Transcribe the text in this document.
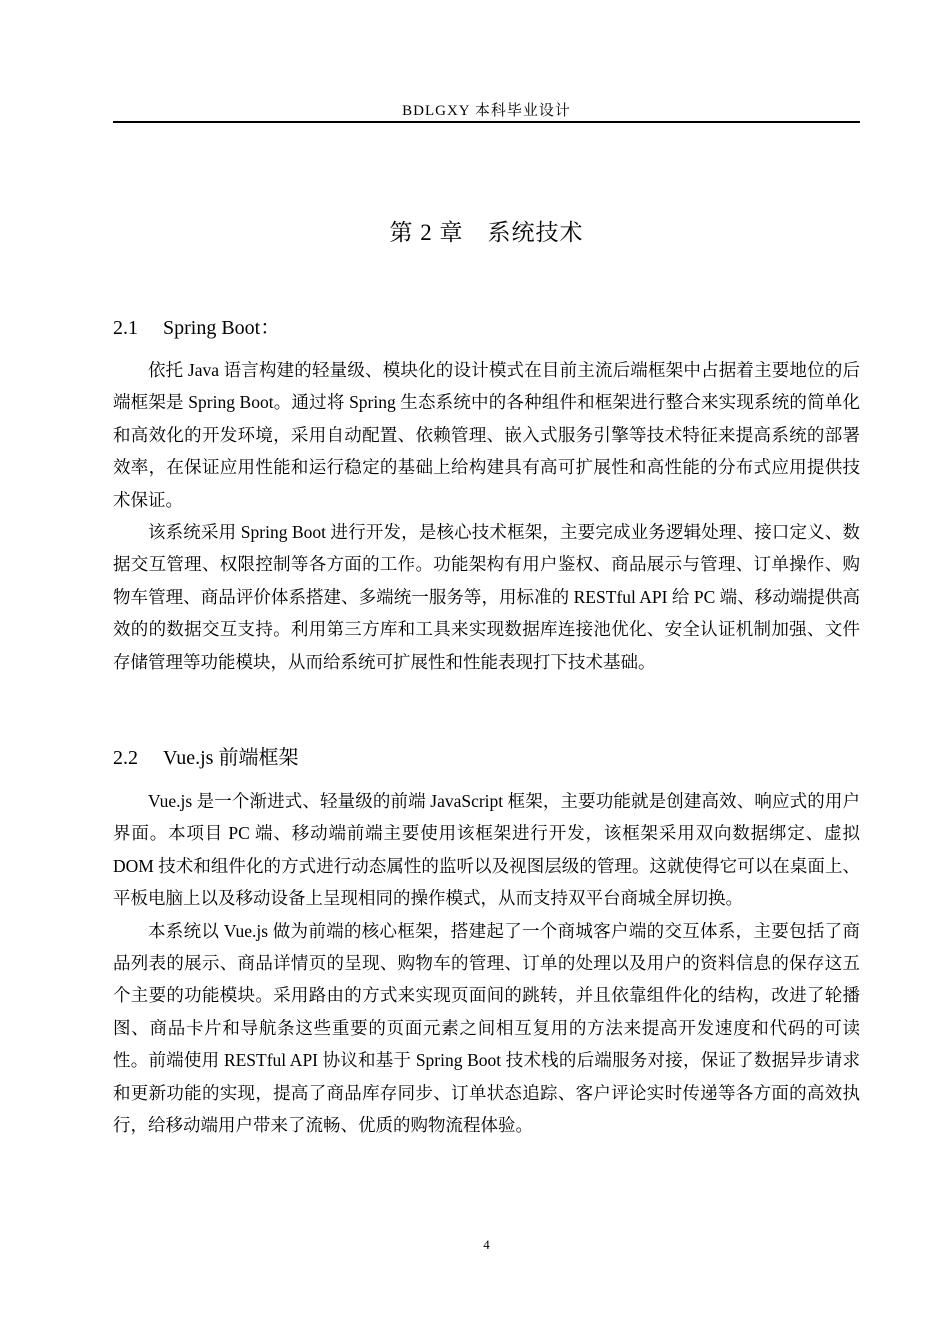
BDLGXY 本科毕业设计
第 2 章　系统技术
2.1 Spring Boot：

依托 Java 语言构建的轻量级、模块化的设计模式在目前主流后端框架中占据着主要地位的后端框架是 Spring Boot。通过将 Spring 生态系统中的各种组件和框架进行整合来实现系统的简单化和高效化的开发环境，采用自动配置、依赖管理、嵌入式服务引擎等技术特征来提高系统的部署效率，在保证应用性能和运行稳定的基础上给构建具有高可扩展性和高性能的分布式应用提供技术保证。

该系统采用 Spring Boot 进行开发，是核心技术框架，主要完成业务逻辑处理、接口定义、数据交互管理、权限控制等各方面的工作。功能架构有用户鉴权、商品展示与管理、订单操作、购物车管理、商品评价体系搭建、多端统一服务等，用标准的 RESTful API 给 PC 端、移动端提供高效的的数据交互支持。利用第三方库和工具来实现数据库连接池优化、安全认证机制加强、文件存储管理等功能模块，从而给系统可扩展性和性能表现打下技术基础。

2.2 Vue.js 前端框架

Vue.js 是一个渐进式、轻量级的前端 JavaScript 框架，主要功能就是创建高效、响应式的用户界面。本项目 PC 端、移动端前端主要使用该框架进行开发，该框架采用双向数据绑定、虚拟 DOM 技术和组件化的方式进行动态属性的监听以及视图层级的管理。这就使得它可以在桌面上、平板电脑上以及移动设备上呈现相同的操作模式，从而支持双平台商城全屏切换。

本系统以 Vue.js 做为前端的核心框架，搭建起了一个商城客户端的交互体系，主要包括了商品列表的展示、商品详情页的呈现、购物车的管理、订单的处理以及用户的资料信息的保存这五个主要的功能模块。采用路由的方式来实现页面间的跳转，并且依靠组件化的结构，改进了轮播图、商品卡片和导航条这些重要的页面元素之间相互复用的方法来提高开发速度和代码的可读性。前端使用 RESTful API 协议和基于 Spring Boot 技术栈的后端服务对接，保证了数据异步请求和更新功能的实现，提高了商品库存同步、订单状态追踪、客户评论实时传递等各方面的高效执行，给移动端用户带来了流畅、优质的购物流程体验。

4
